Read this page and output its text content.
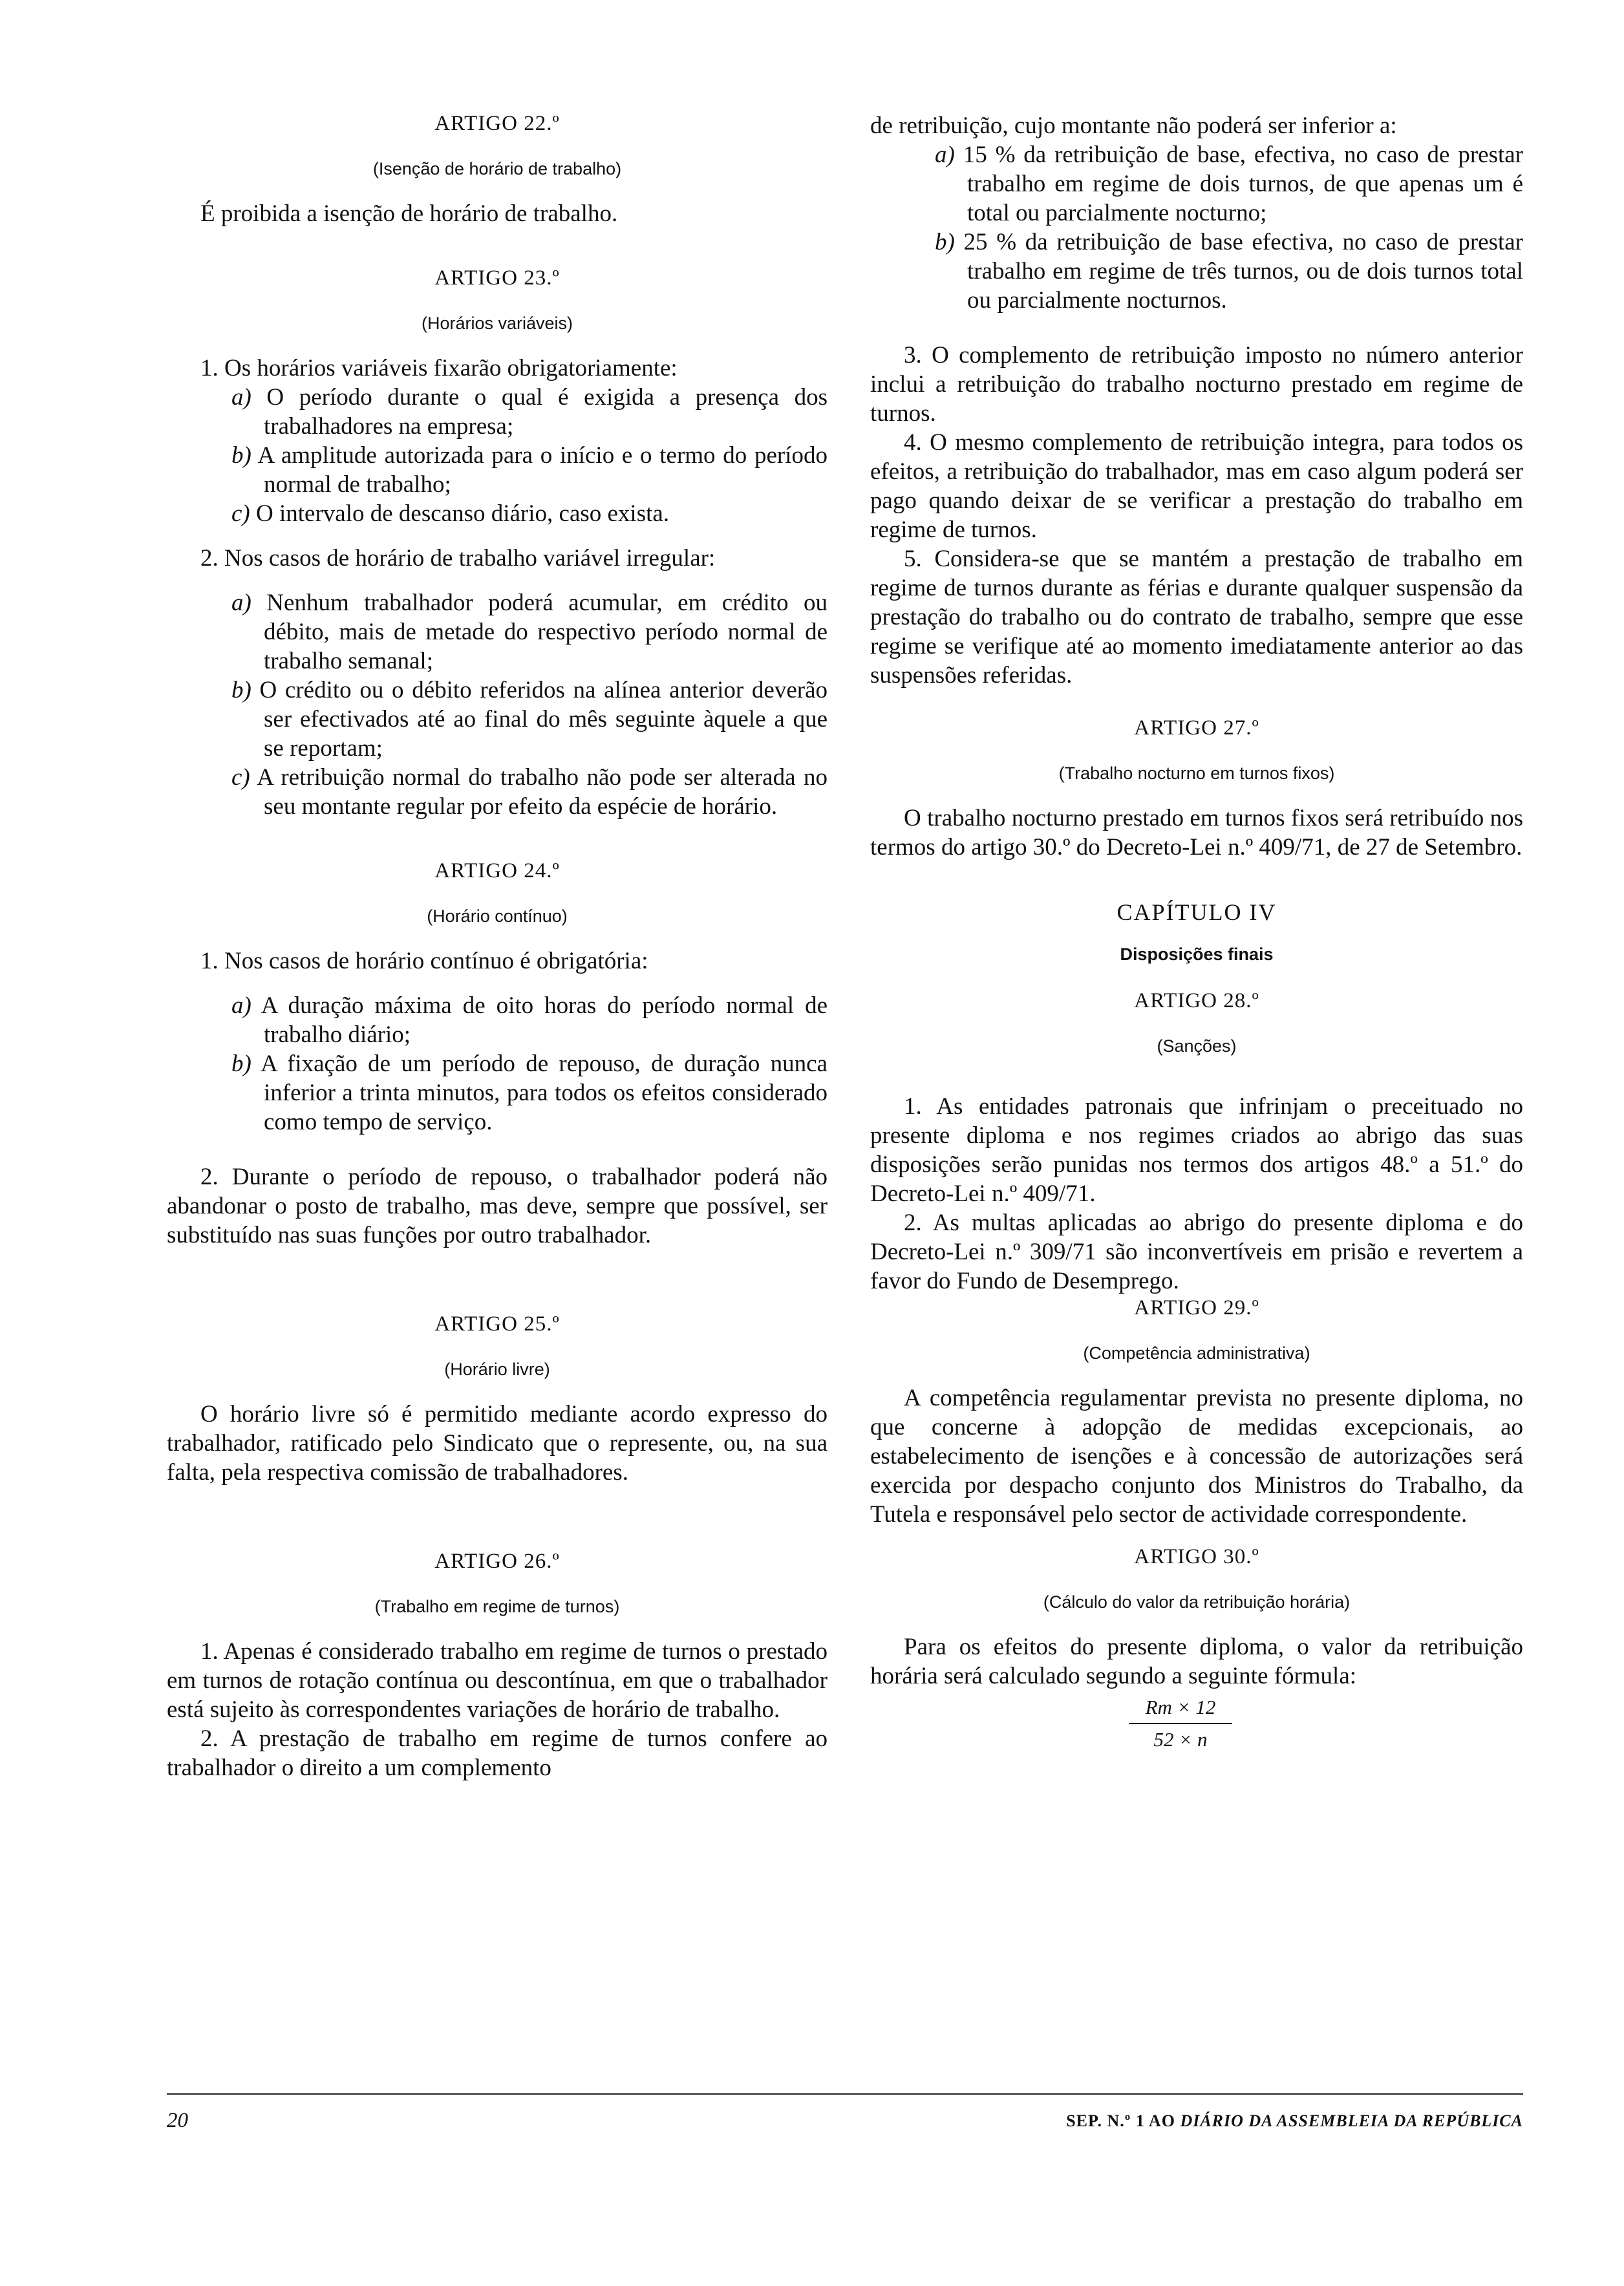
ARTIGO 22.º
(Isenção de horário de trabalho)

É proibida a isenção de horário de trabalho.

ARTIGO 23.º
(Horários variáveis)

1. Os horários variáveis fixarão obrigatoriamente:

a) O período durante o qual é exigida a presença dos trabalhadores na empresa;

b) A amplitude autorizada para o início e o termo do período normal de trabalho;

c) O intervalo de descanso diário, caso exista.

2. Nos casos de horário de trabalho variável irregular:

a) Nenhum trabalhador poderá acumular, em crédito ou débito, mais de metade do respectivo período normal de trabalho semanal;

b) O crédito ou o débito referidos na alínea anterior deverão ser efectivados até ao final do mês seguinte àquele a que se reportam;

c) A retribuição normal do trabalho não pode ser alterada no seu montante regular por efeito da espécie de horário.

ARTIGO 24.º
(Horário contínuo)

1. Nos casos de horário contínuo é obrigatória:

a) A duração máxima de oito horas do período normal de trabalho diário;

b) A fixação de um período de repouso, de duração nunca inferior a trinta minutos, para todos os efeitos considerado como tempo de serviço.

2. Durante o período de repouso, o trabalhador poderá não abandonar o posto de trabalho, mas deve, sempre que possível, ser substituído nas suas funções por outro trabalhador.

ARTIGO 25.º
(Horário livre)

O horário livre só é permitido mediante acordo expresso do trabalhador, ratificado pelo Sindicato que o represente, ou, na sua falta, pela respectiva comissão de trabalhadores.

ARTIGO 26.º
(Trabalho em regime de turnos)

1. Apenas é considerado trabalho em regime de turnos o prestado em turnos de rotação contínua ou descontínua, em que o trabalhador está sujeito às correspondentes variações de horário de trabalho.

2. A prestação de trabalho em regime de turnos confere ao trabalhador o direito a um complemento

de retribuição, cujo montante não poderá ser inferior a:

a) 15 % da retribuição de base, efectiva, no caso de prestar trabalho em regime de dois turnos, de que apenas um é total ou parcialmente nocturno;

b) 25 % da retribuição de base efectiva, no caso de prestar trabalho em regime de três turnos, ou de dois turnos total ou parcialmente nocturnos.

3. O complemento de retribuição imposto no número anterior inclui a retribuição do trabalho nocturno prestado em regime de turnos.

4. O mesmo complemento de retribuição integra, para todos os efeitos, a retribuição do trabalhador, mas em caso algum poderá ser pago quando deixar de se verificar a prestação do trabalho em regime de turnos.

5. Considera-se que se mantém a prestação de trabalho em regime de turnos durante as férias e durante qualquer suspensão da prestação do trabalho ou do contrato de trabalho, sempre que esse regime se verifique até ao momento imediatamente anterior ao das suspensões referidas.

ARTIGO 27.º
(Trabalho nocturno em turnos fixos)

O trabalho nocturno prestado em turnos fixos será retribuído nos termos do artigo 30.º do Decreto-Lei n.º 409/71, de 27 de Setembro.

CAPÍTULO IV
Disposições finais
ARTIGO 28.º
(Sanções)

1. As entidades patronais que infrinjam o preceituado no presente diploma e nos regimes criados ao abrigo das suas disposições serão punidas nos termos dos artigos 48.º a 51.º do Decreto-Lei n.º 409/71.

2. As multas aplicadas ao abrigo do presente diploma e do Decreto-Lei n.º 309/71 são inconvertíveis em prisão e revertem a favor do Fundo de Desemprego.

ARTIGO 29.º
(Competência administrativa)

A competência regulamentar prevista no presente diploma, no que concerne à adopção de medidas excepcionais, ao estabelecimento de isenções e à concessão de autorizações será exercida por despacho conjunto dos Ministros do Trabalho, da Tutela e responsável pelo sector de actividade correspondente.

ARTIGO 30.º
(Cálculo do valor da retribuição horária)

Para os efeitos do presente diploma, o valor da retribuição horária será calculado segundo a seguinte fórmula:

Rm × 12
52 × n
20	SEP. N.º 1 AO DIÁRIO DA ASSEMBLEIA DA REPÚBLICA
